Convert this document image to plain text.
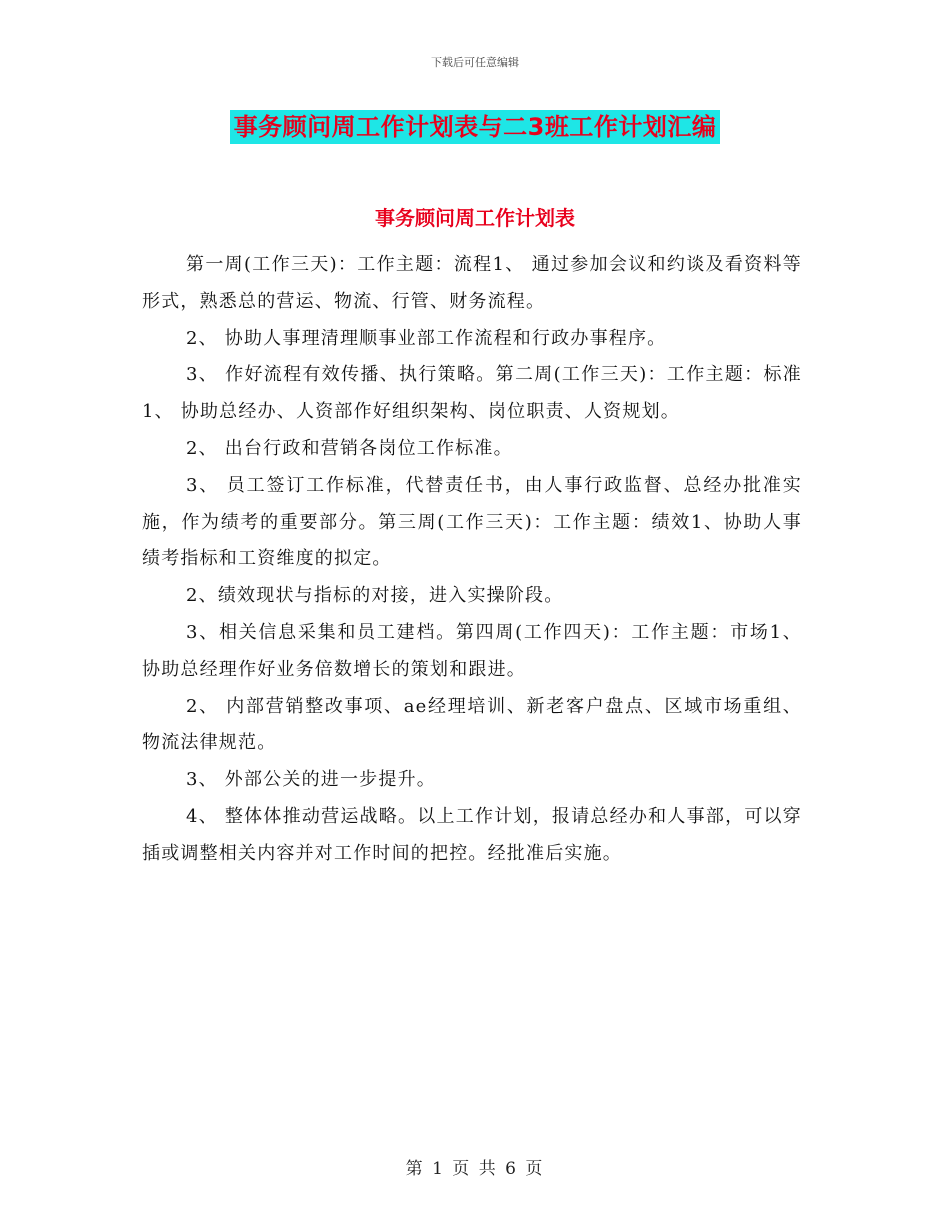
下载后可任意编辑
事务顾问周工作计划表与二3班工作计划汇编
事务顾问周工作计划表

第一周(工作三天)：工作主题：流程1、 通过参加会议和约谈及看资料等形式，熟悉总的营运、物流、行管、财务流程。

2、 协助人事理清理顺事业部工作流程和行政办事程序。

3、 作好流程有效传播、执行策略。第二周(工作三天)：工作主题：标准1、 协助总经办、人资部作好组织架构、岗位职责、人资规划。

2、 出台行政和营销各岗位工作标准。

3、 员工签订工作标准，代替责任书，由人事行政监督、总经办批准实施，作为绩考的重要部分。第三周(工作三天)：工作主题：绩效1、协助人事绩考指标和工资维度的拟定。

2、绩效现状与指标的对接，进入实操阶段。

3、相关信息采集和员工建档。第四周(工作四天)：工作主题：市场1、 协助总经理作好业务倍数增长的策划和跟进。

2、 内部营销整改事项、ae经理培训、新老客户盘点、区域市场重组、物流法律规范。

3、 外部公关的进一步提升。

4、 整体体推动营运战略。以上工作计划，报请总经办和人事部，可以穿插或调整相关内容并对工作时间的把控。经批准后实施。

第 1 页 共 6 页
